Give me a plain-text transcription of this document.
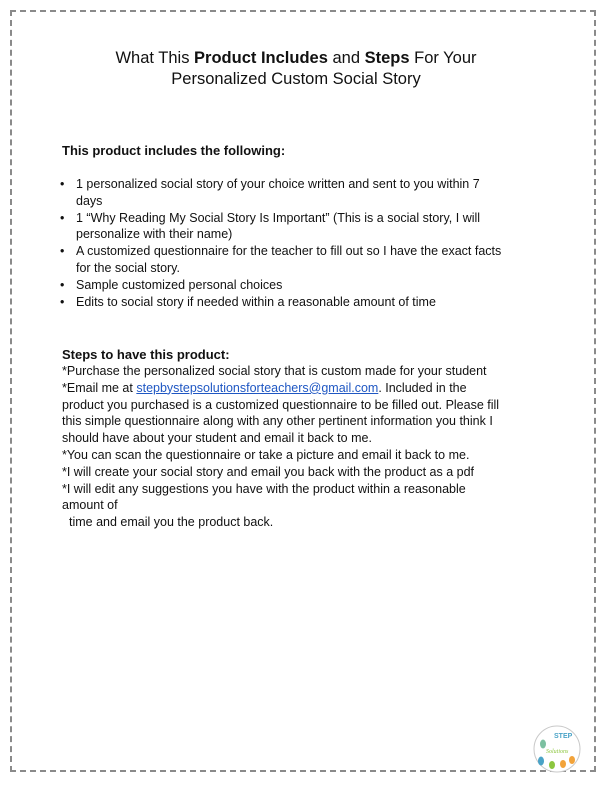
What This Product Includes and Steps For Your
Personalized Custom Social Story
This product includes the following:
• 1 personalized social story of your choice written and sent to you within 7
days
• 1 “Why Reading My Social Story Is Important” (This is a social story, I will
personalize with their name)
• A customized questionnaire for the teacher to fill out so I have the exact facts
for the social story.
• Sample customized personal choices
• Edits to social story if needed within a reasonable amount of time
Steps to have this product:

*Purchase the personalized social story that is custom made for your student

*Email me at stepbystepsolutionsforteachers@gmail.com. Included in the

product you purchased is a customized questionnaire to be filled out. Please fill

this simple questionnaire along with any other pertinent information you think I

should have about your student and email it back to me.

*You can scan the questionnaire or take a picture and email it back to me.

*I will create your social story and email you back with the product as a pdf

*I will edit any suggestions you have with the product within a reasonable

amount of

time and email you the product back.

STEP
Solutions
